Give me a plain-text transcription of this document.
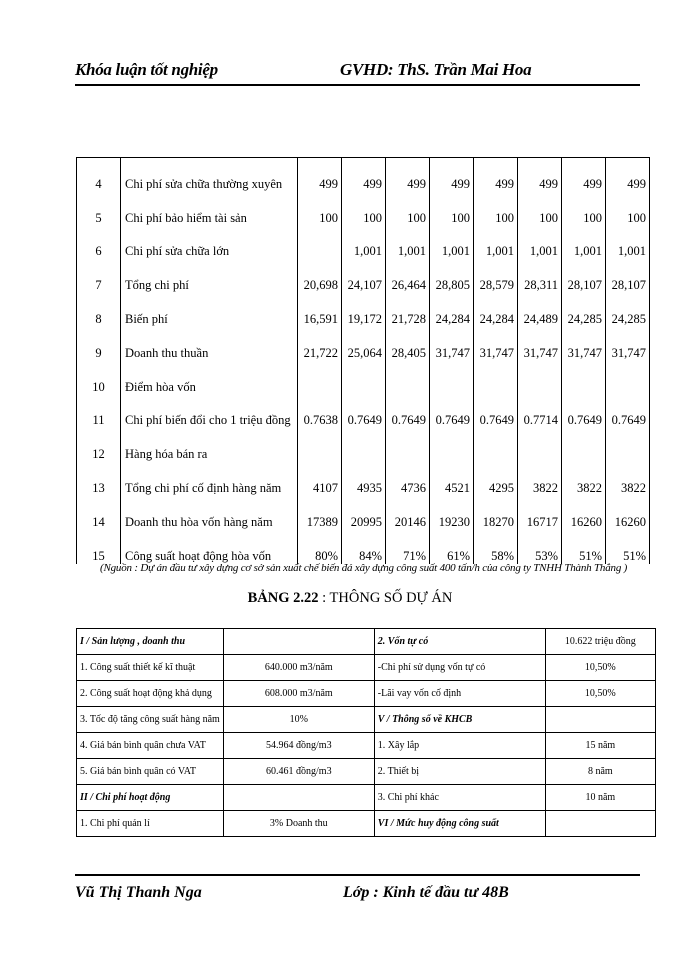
Khóa luận tốt nghiệp	GVHD: ThS. Trần Mai Hoa
4	Chi phí sửa chữa thường xuyên	499	499	499	499	499	499	499	499
5	Chi phí bảo hiểm tài sản	100	100	100	100	100	100	100	100
6	Chi phí sửa chữa lớn		1,001	1,001	1,001	1,001	1,001	1,001	1,001
7	Tổng chi phí	20,698	24,107	26,464	28,805	28,579	28,311	28,107	28,107
8	Biến phí	16,591	19,172	21,728	24,284	24,284	24,489	24,285	24,285
9	Doanh thu thuần	21,722	25,064	28,405	31,747	31,747	31,747	31,747	31,747
10	Điểm hòa vốn								
11	Chi phí biến đổi cho 1 triệu đồng	0.7638	0.7649	0.7649	0.7649	0.7649	0.7714	0.7649	0.7649
12	Hàng hóa bán ra								
13	Tổng chi phí cố định hàng năm	4107	4935	4736	4521	4295	3822	3822	3822
14	Doanh thu hòa vốn hàng năm	17389	20995	20146	19230	18270	16717	16260	16260
15	Công suất hoạt động hòa vốn	80%	84%	71%	61%	58%	53%	51%	51%
(Nguồn : Dự án đầu tư xây dựng cơ sở sản xuất chế biến đá xây dựng công suất 400 tấn/h của công ty TNHH Thành Thắng )
BẢNG 2.22 : THÔNG SỐ DỰ ÁN
I / Sản lượng , doanh thu		2. Vốn tự có	10.622 triệu đồng
1. Công suất thiết kế kĩ thuật	640.000 m3/năm	-Chi phí sử dụng vốn tự có	10,50%
2. Công suất hoạt động khả dụng	608.000 m3/năm	-Lãi vay vốn cố định	10,50%
3. Tốc độ tăng công suất hàng năm	10%	V / Thông số về KHCB	
4. Giá bán bình quân chưa VAT	54.964 đồng/m3	1. Xây lắp	15 năm
5. Giá bán bình quân có VAT	60.461 đồng/m3	2. Thiết bị	8 năm
II / Chi phí hoạt động		3. Chi phí khác	10 năm
1. Chi phí quản lí	3% Doanh thu	VI / Mức huy động công suất	
Vũ Thị Thanh Nga	Lớp : Kinh tế đầu tư 48B
